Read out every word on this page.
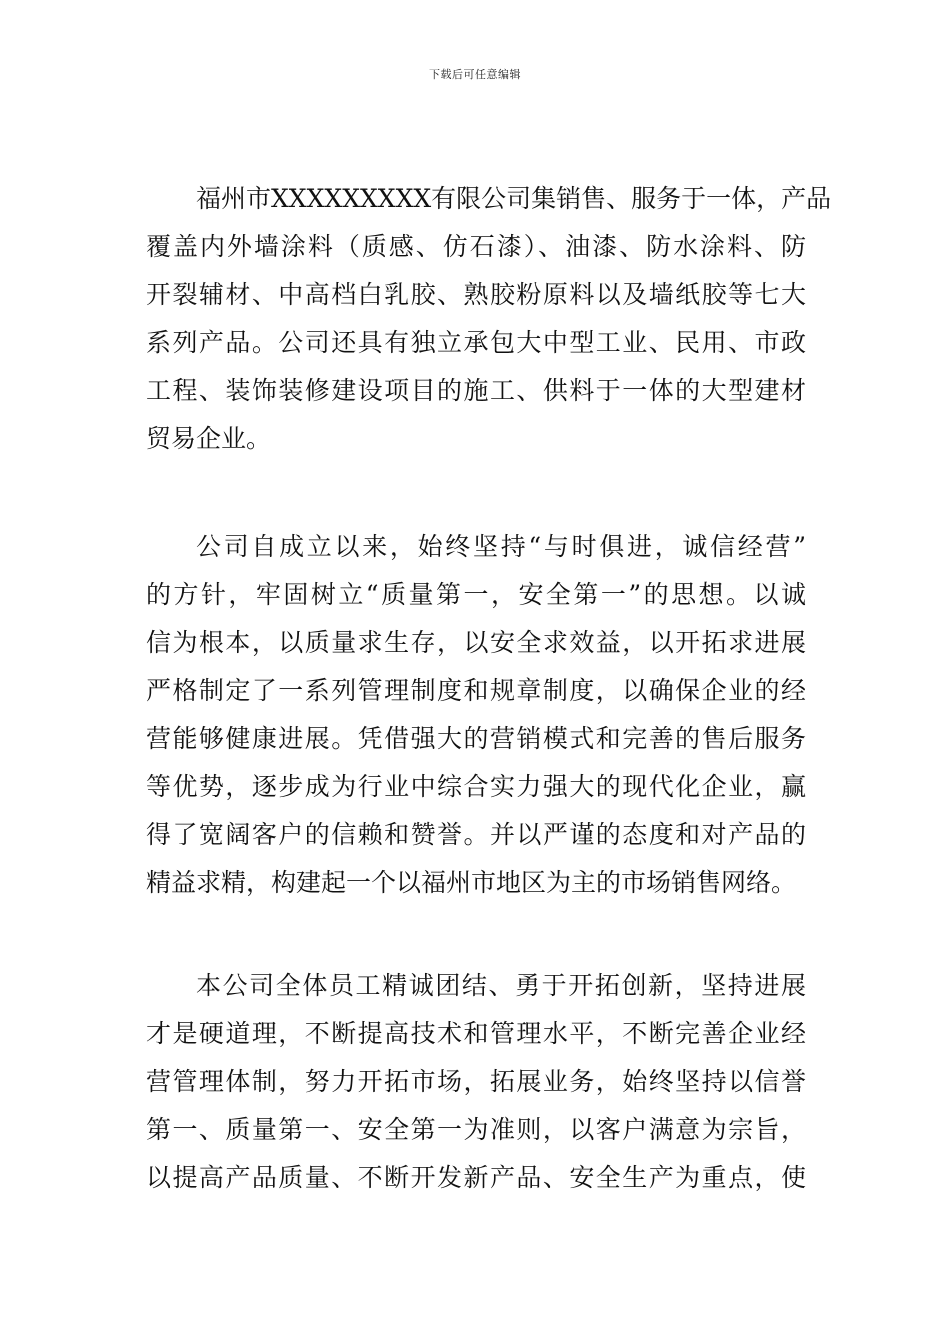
下载后可任意编辑

福州市XXXXXXXXX有限公司集销售、服务于一体，产品
覆盖内外墙涂料（质感、仿石漆）、油漆、防水涂料、防
开裂辅材、中高档白乳胶、熟胶粉原料以及墙纸胶等七大
系列产品。公司还具有独立承包大中型工业、民用、市政
工程、装饰装修建设项目的施工、供料于一体的大型建材
贸易企业。

公司自成立以来，始终坚持“与时俱进，诚信经营”
的方针，牢固树立“质量第一，安全第一”的思想。以诚
信为根本，以质量求生存，以安全求效益，以开拓求进展
严格制定了一系列管理制度和规章制度，以确保企业的经
营能够健康进展。凭借强大的营销模式和完善的售后服务
等优势，逐步成为行业中综合实力强大的现代化企业，赢
得了宽阔客户的信赖和赞誉。并以严谨的态度和对产品的
精益求精，构建起一个以福州市地区为主的市场销售网络。

本公司全体员工精诚团结、勇于开拓创新，坚持进展
才是硬道理，不断提高技术和管理水平，不断完善企业经
营管理体制，努力开拓市场，拓展业务，始终坚持以信誉
第一、质量第一、安全第一为准则，以客户满意为宗旨，
以提高产品质量、不断开发新产品、安全生产为重点，使
